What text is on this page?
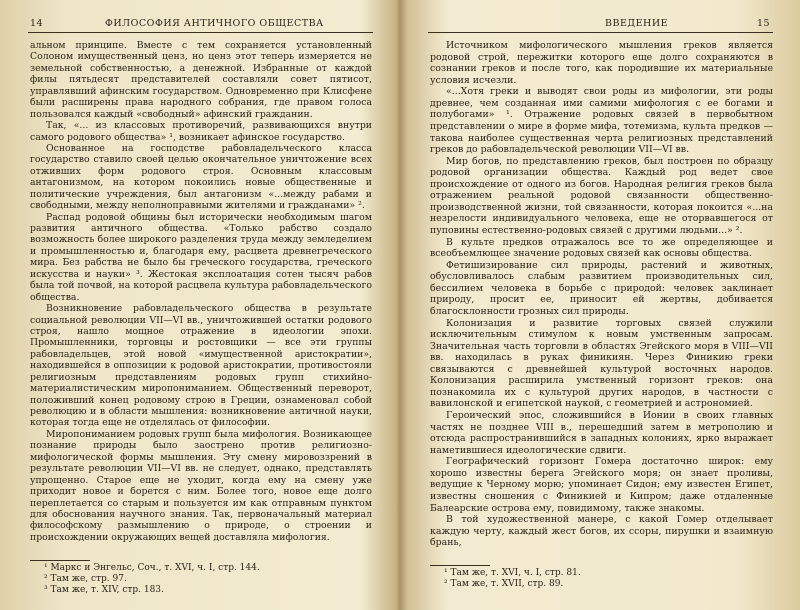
14	ФИЛОСОФИЯ АНТИЧНОГО ОБЩЕСТВА

альном принципе. Вместе с тем сохраняется установленный Солоном имущественный ценз, но ценз этот теперь измеряется не земельной собственностью, а денежной. Избранные от каждой филы пятьдесят представителей составляли совет пятисот, управлявший афинским государством. Одновременно при Клисфене были расширены права народного собрания, где правом голоса пользовался каждый «свободный» афинский гражданин.

Так, «... из классовых противоречий, развивающихся внутри самого родового общества» ¹, возникает афинское государство.

Основанное на господстве рабовладельческого класса государство ставило своей целью окончательное уничтожение всех отживших форм родового строя. Основным классовым антагонизмом, на котором покоились новые общественные и политические учреждения, был антагонизм «...между рабами и свободными, между неполноправными жителями и гражданами» ².

Распад родовой общины был исторически необходимым шагом развития античного общества. «Только рабство создало возможность более широкого разделения труда между земледелием и промышленностью и, благодаря ему, расцвета древнегреческого мира. Без рабства не было бы греческого государства, греческого искусства и науки» ³. Жестокая эксплоатация сотен тысяч рабов была той почвой, на которой расцвела культура рабовладельческого общества.

Возникновение рабовладельческого общества в результате социальной революции VII—VI вв., уничтожившей остатки родового строя, нашло мощное отражение в идеологии эпохи. Промышленники, торговцы и ростовщики — все эти группы рабовладельцев, этой новой «имущественной аристократии», находившейся в оппозиции к родовой аристократии, противостояли религиозным представлениям родовых групп стихийно-материалистическим миропониманием. Общественный переворот, положивший конец родовому строю в Греции, ознаменовал собой революцию и в области мышления: возникновение античной науки, которая тогда еще не отделялась от философии.

Миропониманием родовых групп была мифология. Возникающее познание природы было заострено против религиозно-мифологической формы мышления. Эту смену мировоззрений в результате революции VII—VI вв. не следует, однако, представлять упрощенно. Старое еще не уходит, когда ему на смену уже приходит новое и борется с ним. Более того, новое еще долго переплетается со старым и пользуется им как отправным пунктом для обоснования научного знания. Так, первоначальный материал философскому размышлению о природе, о строении и происхождении окружающих вещей доставляла мифология.

¹ Маркс и Энгельс, Соч., т. XVI, ч. I, стр. 144.
² Там же, стр. 97.
³ Там же, т. XIV, стр. 183.
ВВЕДЕНИЕ	15

Источником мифологического мышления греков является родовой строй, пережитки которого еще долго сохраняются в сознании греков и после того, как породившие их материальные условия исчезли.

«...Хотя греки и выводят свои роды из мифологии, эти роды древнее, чем созданная ими самими мифология с ее богами и полубогами» ¹. Отражение родовых связей в первобытном представлении о мире в форме мифа, тотемизма, культа предков — такова наиболее существенная черта религиозных представлений греков до рабовладельческой революции VII—VI вв.

Мир богов, по представлению греков, был построен по образцу родовой организации общества. Каждый род ведет свое происхождение от одного из богов. Народная религия греков была отражением реальной родовой связанности общественно-производственной жизни, той связанности, которая покоится «...на незрелости индивидуального человека, еще не оторвавшегося от пуповины естественно-родовых связей с другими людьми...» ².

В культе предков отражалось все то же определяющее и всеобъемлющее значение родовых связей как основы общества.

Фетишизирование сил природы, растений и животных, обусловливалось слабым развитием производительных сил, бессилием человека в борьбе с природой: человек заклинает природу, просит ее, приносит ей жертвы, добивается благосклонности грозных сил природы.

Колонизация и развитие торговых связей служили исключительным стимулом к новым умственным запросам. Значительная часть торговли в областях Эгейского моря в VIII—VII вв. находилась в руках финикиян. Через Финикию греки связываются с древнейшей культурой восточных народов. Колонизация расширила умственный горизонт греков: она познакомила их с культурой других народов, в частности с вавилонской и египетской наукой, с геометрией и астрономией.

Героический эпос, сложившийся в Ионии в своих главных частях не позднее VIII в., перешедший затем в метрополию и отсюда распространившийся в западных колониях, ярко выражает наметившиеся идеологические сдвиги.

Географический горизонт Гомера достаточно широк: ему хорошо известны берега Эгейского моря; он знает проливы, ведущие к Черному морю; упоминает Сидон; ему известен Египет, известны сношения с Финикией и Кипром; даже отдаленные Балеарские острова ему, повидимому, также знакомы.

В той художественной манере, с какой Гомер отделывает каждую черту, каждый жест богов, их ссоры, пирушки и взаимную брань,

¹ Там же, т. XVI, ч. I, стр. 81.
² Там же, т. XVII, стр. 89.
